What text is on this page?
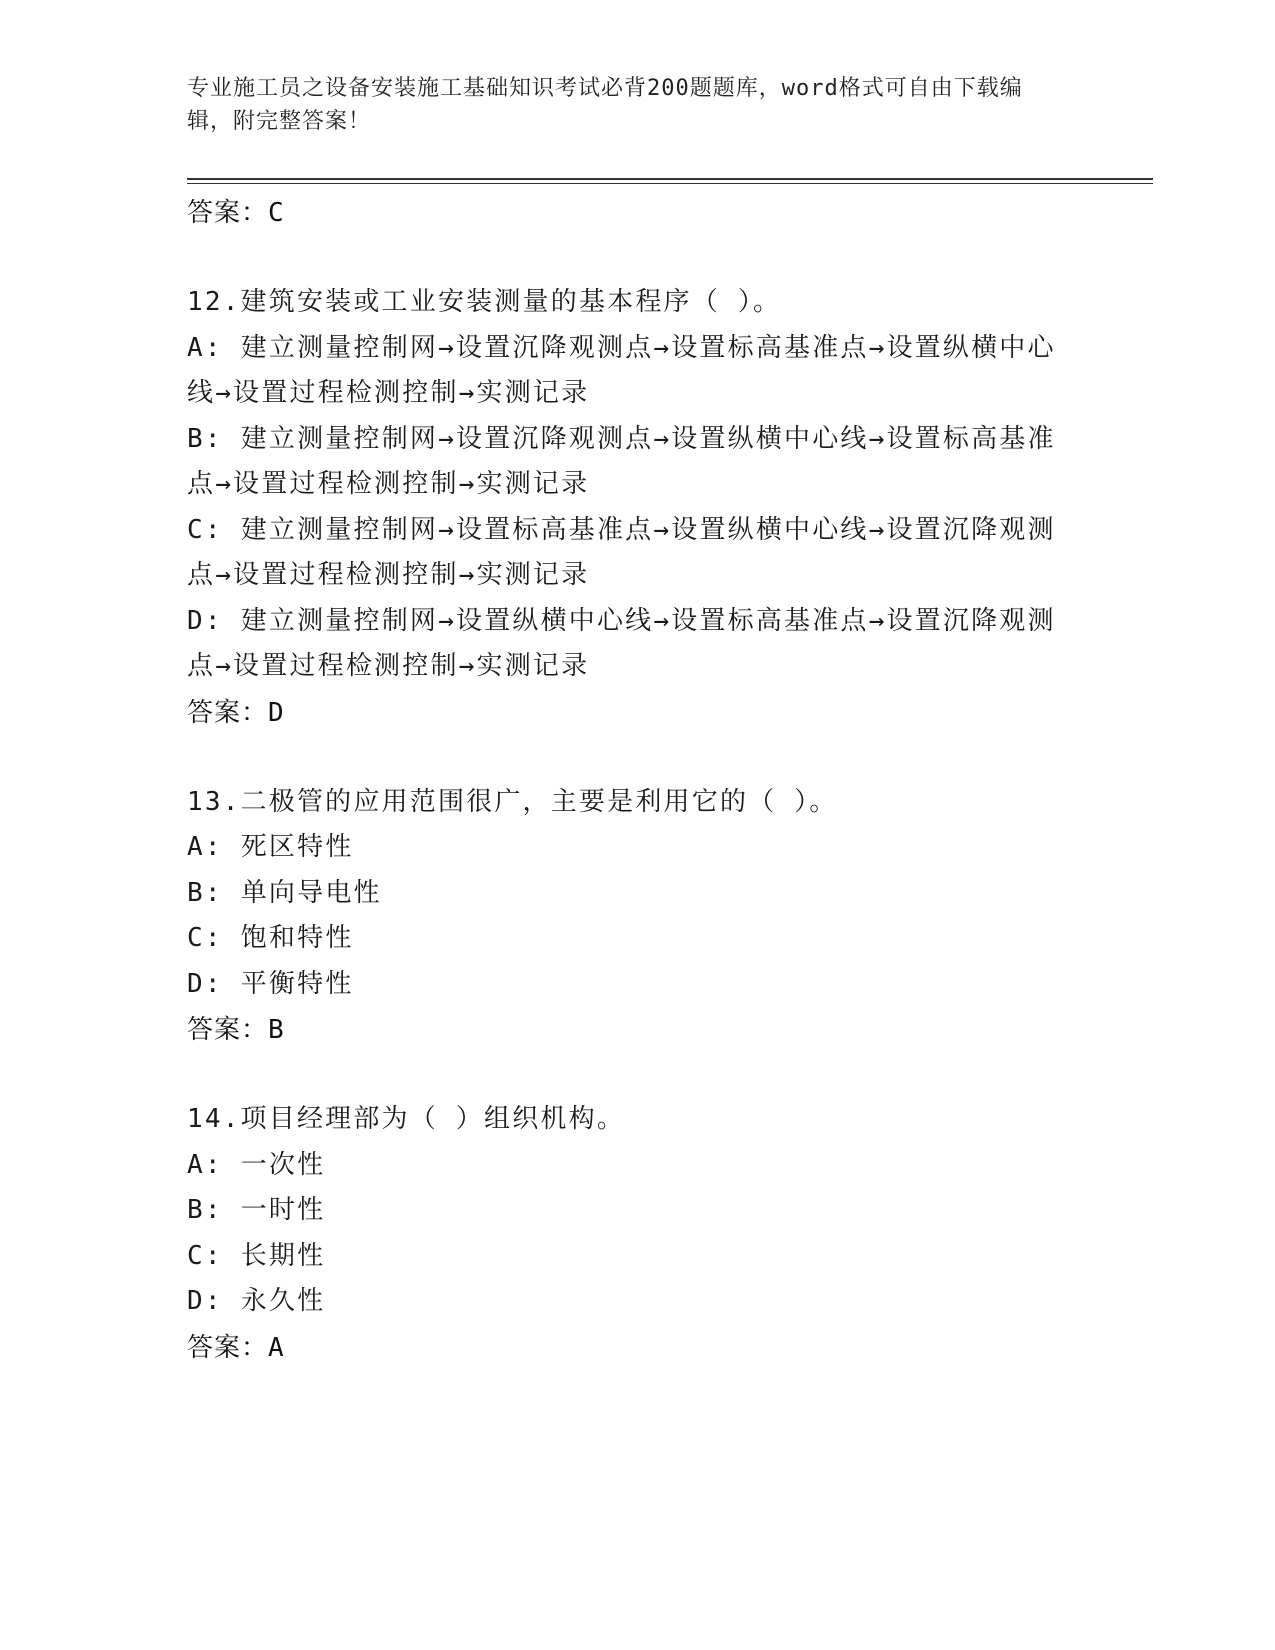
专业施工员之设备安装施工基础知识考试必背200题题库，word格式可自由下载编辑，附完整答案！
答案：C
12.建筑安装或工业安装测量的基本程序（ ）。
A: 建立测量控制网→设置沉降观测点→设置标高基准点→设置纵横中心线→设置过程检测控制→实测记录
B: 建立测量控制网→设置沉降观测点→设置纵横中心线→设置标高基准点→设置过程检测控制→实测记录
C: 建立测量控制网→设置标高基准点→设置纵横中心线→设置沉降观测点→设置过程检测控制→实测记录
D: 建立测量控制网→设置纵横中心线→设置标高基准点→设置沉降观测点→设置过程检测控制→实测记录
答案：D
13.二极管的应用范围很广，主要是利用它的（ ）。
A: 死区特性
B: 单向导电性
C: 饱和特性
D: 平衡特性
答案：B
14.项目经理部为（ ）组织机构。
A: 一次性
B: 一时性
C: 长期性
D: 永久性
答案：A
